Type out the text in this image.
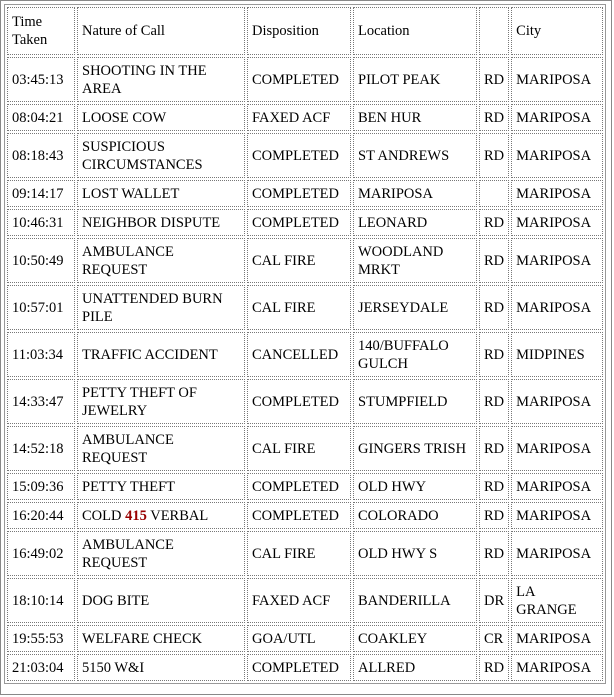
Time Taken	Nature of Call	Disposition	Location		City
03:45:13	SHOOTING IN THE AREA	COMPLETED	PILOT PEAK	RD	MARIPOSA
08:04:21	LOOSE COW	FAXED ACF	BEN HUR	RD	MARIPOSA
08:18:43	SUSPICIOUS CIRCUMSTANCES	COMPLETED	ST ANDREWS	RD	MARIPOSA
09:14:17	LOST WALLET	COMPLETED	MARIPOSA		MARIPOSA
10:46:31	NEIGHBOR DISPUTE	COMPLETED	LEONARD	RD	MARIPOSA
10:50:49	AMBULANCE REQUEST	CAL FIRE	WOODLAND MRKT	RD	MARIPOSA
10:57:01	UNATTENDED BURN PILE	CAL FIRE	JERSEYDALE	RD	MARIPOSA
11:03:34	TRAFFIC ACCIDENT	CANCELLED	140/BUFFALO GULCH	RD	MIDPINES
14:33:47	PETTY THEFT OF JEWELRY	COMPLETED	STUMPFIELD	RD	MARIPOSA
14:52:18	AMBULANCE REQUEST	CAL FIRE	GINGERS TRISH	RD	MARIPOSA
15:09:36	PETTY THEFT	COMPLETED	OLD HWY	RD	MARIPOSA
16:20:44	COLD 415 VERBAL	COMPLETED	COLORADO	RD	MARIPOSA
16:49:02	AMBULANCE REQUEST	CAL FIRE	OLD HWY S	RD	MARIPOSA
18:10:14	DOG BITE	FAXED ACF	BANDERILLA	DR	LA GRANGE
19:55:53	WELFARE CHECK	GOA/UTL	COAKLEY	CR	MARIPOSA
21:03:04	5150 W&I	COMPLETED	ALLRED	RD	MARIPOSA
